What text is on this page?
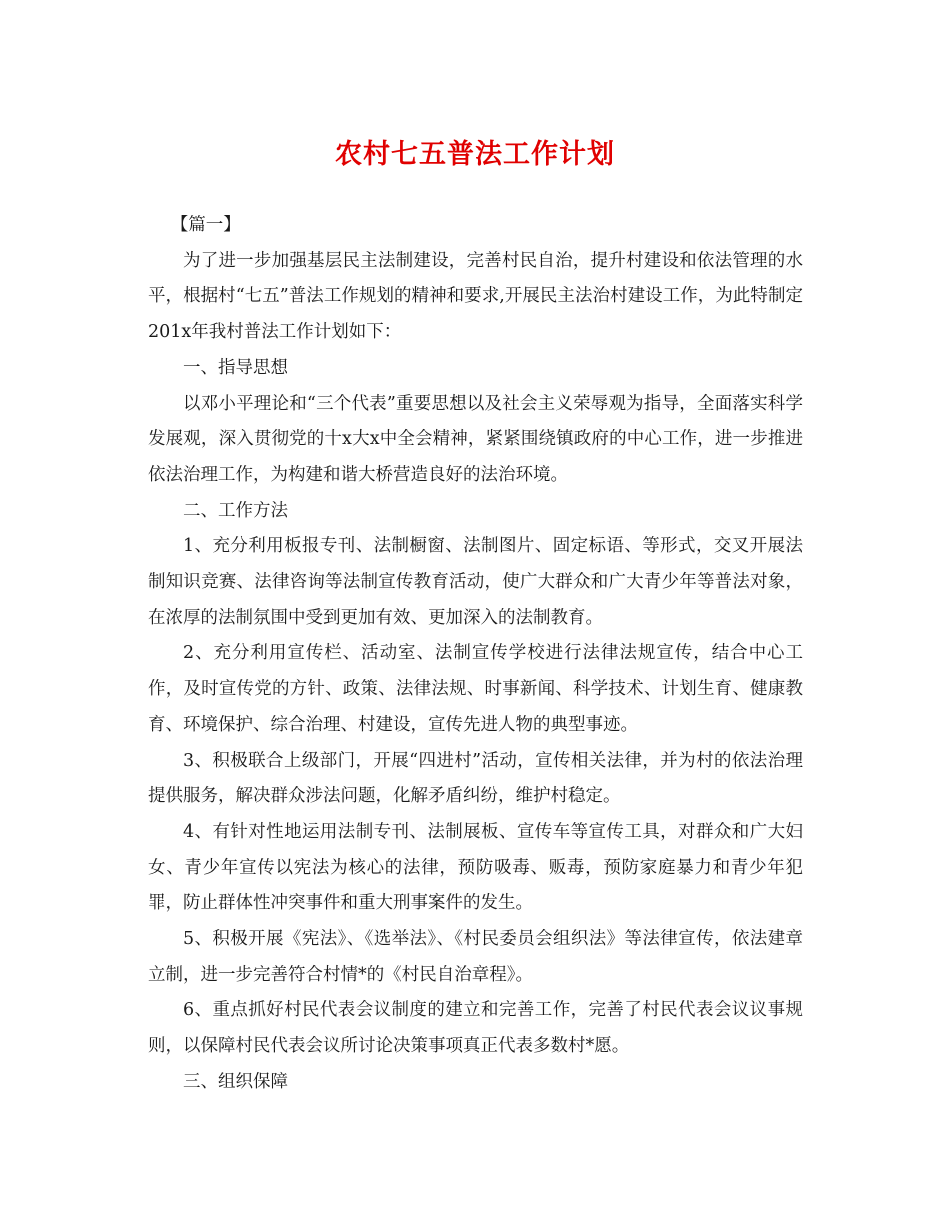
农村七五普法工作计划

【篇一】

为了进一步加强基层民主法制建设，完善村民自治，提升村建设和依法管理的水平，根据村“七五”普法工作规划的精神和要求,开展民主法治村建设工作，为此特制定201x年我村普法工作计划如下：

一、指导思想

以邓小平理论和“三个代表”重要思想以及社会主义荣辱观为指导，全面落实科学发展观，深入贯彻党的十x大x中全会精神，紧紧围绕镇政府的中心工作，进一步推进依法治理工作，为构建和谐大桥营造良好的法治环境。

二、工作方法

1、充分利用板报专刊、法制橱窗、法制图片、固定标语、等形式，交叉开展法制知识竞赛、法律咨询等法制宣传教育活动，使广大群众和广大青少年等普法对象，在浓厚的法制氛围中受到更加有效、更加深入的法制教育。

2、充分利用宣传栏、活动室、法制宣传学校进行法律法规宣传，结合中心工作，及时宣传党的方针、政策、法律法规、时事新闻、科学技术、计划生育、健康教育、环境保护、综合治理、村建设，宣传先进人物的典型事迹。

3、积极联合上级部门，开展“四进村”活动，宣传相关法律，并为村的依法治理提供服务，解决群众涉法问题，化解矛盾纠纷，维护村稳定。

4、有针对性地运用法制专刊、法制展板、宣传车等宣传工具，对群众和广大妇女、青少年宣传以宪法为核心的法律，预防吸毒、贩毒，预防家庭暴力和青少年犯罪，防止群体性冲突事件和重大刑事案件的发生。

5、积极开展《宪法》、《选举法》、《村民委员会组织法》等法律宣传，依法建章立制，进一步完善符合村情*的《村民自治章程》。

6、重点抓好村民代表会议制度的建立和完善工作，完善了村民代表会议议事规则，以保障村民代表会议所讨论决策事项真正代表多数村*愿。

三、组织保障
